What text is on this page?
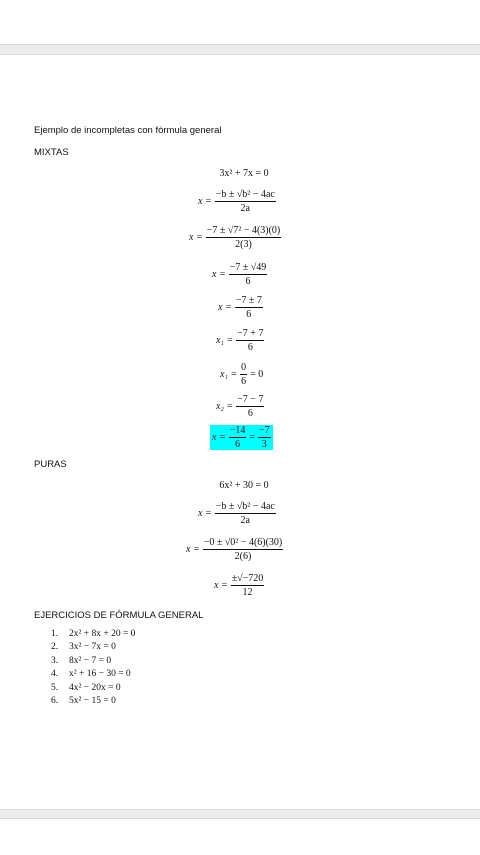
Ejemplo de incompletas con fórmula general
MIXTAS
3x² + 7x = 0
$x = \frac{\text{−b ± √b² − 4ac}}{2a}$
$x = \frac{\text{−7 ± √7² − 4(3)(0)}}{2(3)}$
$x = \frac{-7 \pm √49}{6}$
$x = \frac{-7 \pm 7}{6}$
$x_1 = \frac{-7 + 7}{6}$
$x_1 = \frac{0}{6} = 0$
$x_2 = \frac{-7 - 7}{6}$
$x = \frac{-14}{6} = \frac{-7}{3}$
PURAS
6x² + 30 = 0
$x = \frac{\text{−b ± √b² − 4ac}}{2a}$
$x = \frac{\text{−0 ± √0² − 4(6)(30)}}{2(6)}$
$x = \frac{\pm√-720}{12}$
EJERCICIOS DE FÓRMULA GENERAL
1.	2x² + 8x + 20 = 0
2.	3x² − 7x = 0
3.	8x² − 7 = 0
4.	x² + 16 − 30 = 0
5.	4x² − 20x = 0
6.	5x² − 15 = 0
